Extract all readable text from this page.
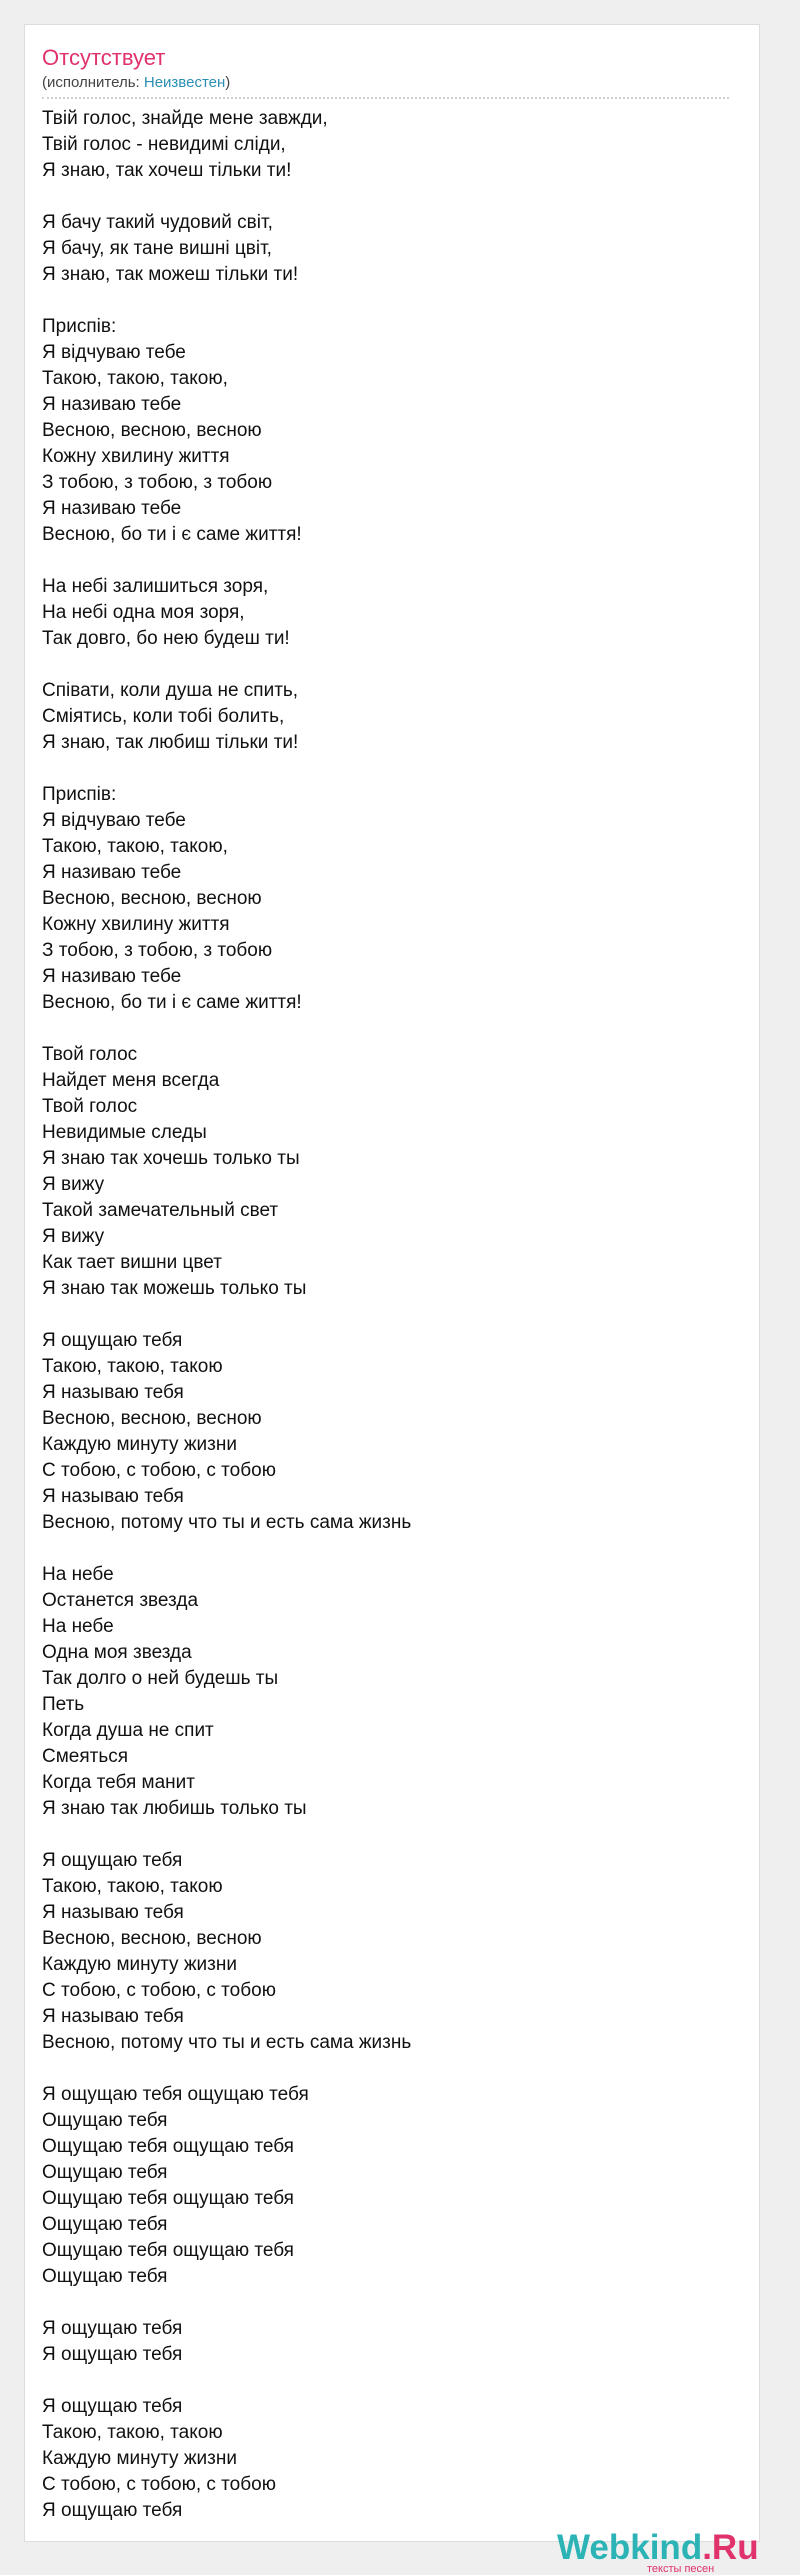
Отсутствует
(исполнитель: Неизвестен)
Твій голос, знайде мене завжди,
Твій голос - невидимі сліди,
Я знаю, так хочеш тільки ти!
Я бачу такий чудовий світ,
Я бачу, як тане вишні цвіт,
Я знаю, так можеш тільки ти!
Приспів:
Я відчуваю тебе
Такою, такою, такою,
Я називаю тебе
Весною, весною, весною
Кожну хвилину життя
З тобою, з тобою, з тобою
Я називаю тебе
Весною, бо ти і є саме життя!
На небі залишиться зоря,
На небі одна моя зоря,
Так довго, бо нею будеш ти!
Співати, коли душа не спить,
Сміятись, коли тобі болить,
Я знаю, так любиш тільки ти!
Приспів:
Я відчуваю тебе
Такою, такою, такою,
Я називаю тебе
Весною, весною, весною
Кожну хвилину життя
З тобою, з тобою, з тобою
Я називаю тебе
Весною, бо ти і є саме життя!
Твой голос
Найдет меня всегда
Твой голос
Невидимые следы
Я знаю так хочешь только ты
Я вижу
Такой замечательный свет
Я вижу
Как тает вишни цвет
Я знаю так можешь только ты
Я ощущаю тебя
Такою, такою, такою
Я называю тебя
Весною, весною, весною
Каждую минуту жизни
С тобою, с тобою, с тобою
Я называю тебя
Весною, потому что ты и есть сама жизнь
На небе
Останется звезда
На небе
Одна моя звезда
Так долго о ней будешь ты
Петь
Когда душа не спит
Смеяться
Когда тебя манит
Я знаю так любишь только ты
Я ощущаю тебя
Такою, такою, такою
Я называю тебя
Весною, весною, весною
Каждую минуту жизни
С тобою, с тобою, с тобою
Я называю тебя
Весною, потому что ты и есть сама жизнь
Я ощущаю тебя ощущаю тебя
Ощущаю тебя
Ощущаю тебя ощущаю тебя
Ощущаю тебя
Ощущаю тебя ощущаю тебя
Ощущаю тебя
Ощущаю тебя ощущаю тебя
Ощущаю тебя
Я ощущаю тебя
Я ощущаю тебя
Я ощущаю тебя
Такою, такою, такою
Каждую минуту жизни
С тобою, с тобою, с тобою
Я ощущаю тебя
Webkind.Ru
тексты песен
